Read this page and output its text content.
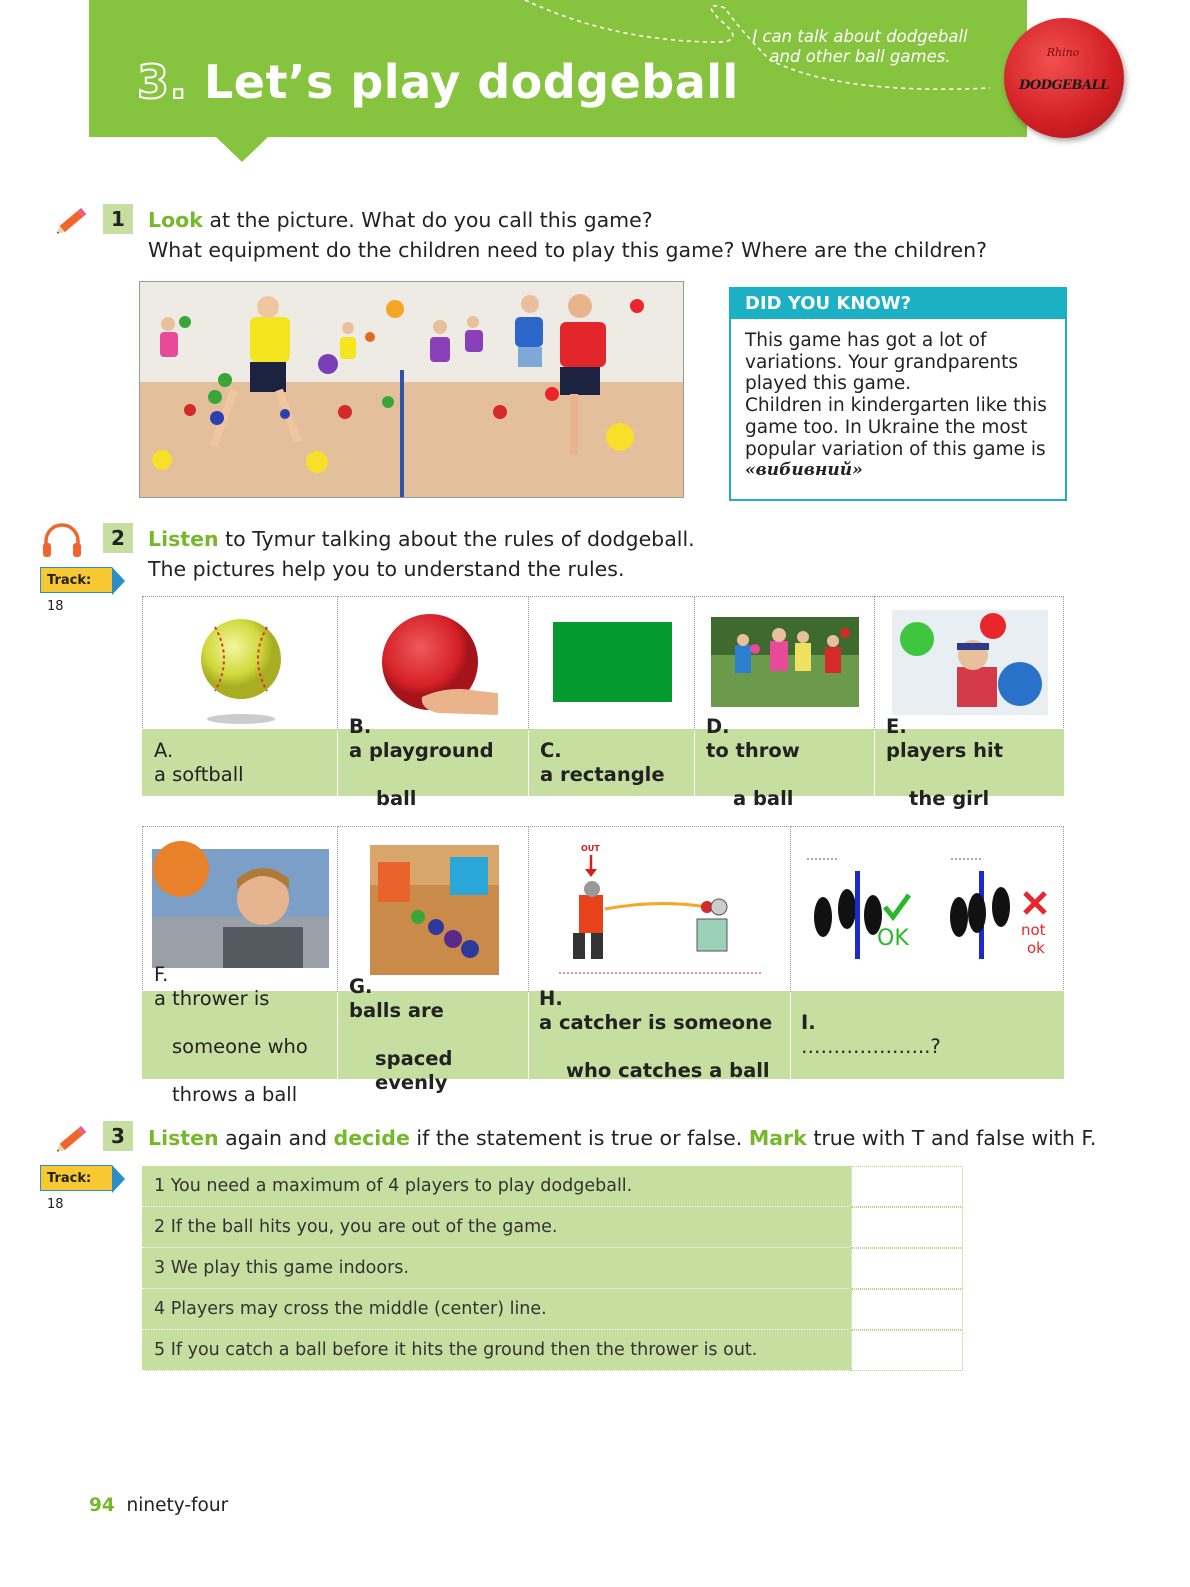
3. Let’s play dodgeball
I can talk about dodgeball
and other ball games.	Rhino
DODGEBALL
1	Look at the picture. What do you call this game?
What equipment do the children need to play this game? Where are the children?
DID YOU KNOW?
This game has got a lot of
variations. Your grandparents
played this game.
Children in kindergarten like this
game too. In Ukraine the most
popular variation of this game is
«вибивний»
Track: 18
2	Listen to Tymur talking about the rules of dodgeball.
The pictures help you to understand the rules.
A.
a softball
B.
a playground

ball
C.
a rectangle
D.
to throw

a ball
E.
players hit

the girl
OUT
OK	not
ok
F.
a thrower is

someone who

throws a ball
G.
balls are

spaced evenly
H.
a catcher is someone

who catches a ball
I.
………………..?
3
Track: 18
Listen again and decide if the statement is true or false. Mark true with T and false with F.
1 You need a maximum of 4 players to play dodgeball.
2 If the ball hits you, you are out of the game.
3 We play this game indoors.
4 Players may cross the middle (center) line.
5 If you catch a ball before it hits the ground then the thrower is out.
94 ninety-four
